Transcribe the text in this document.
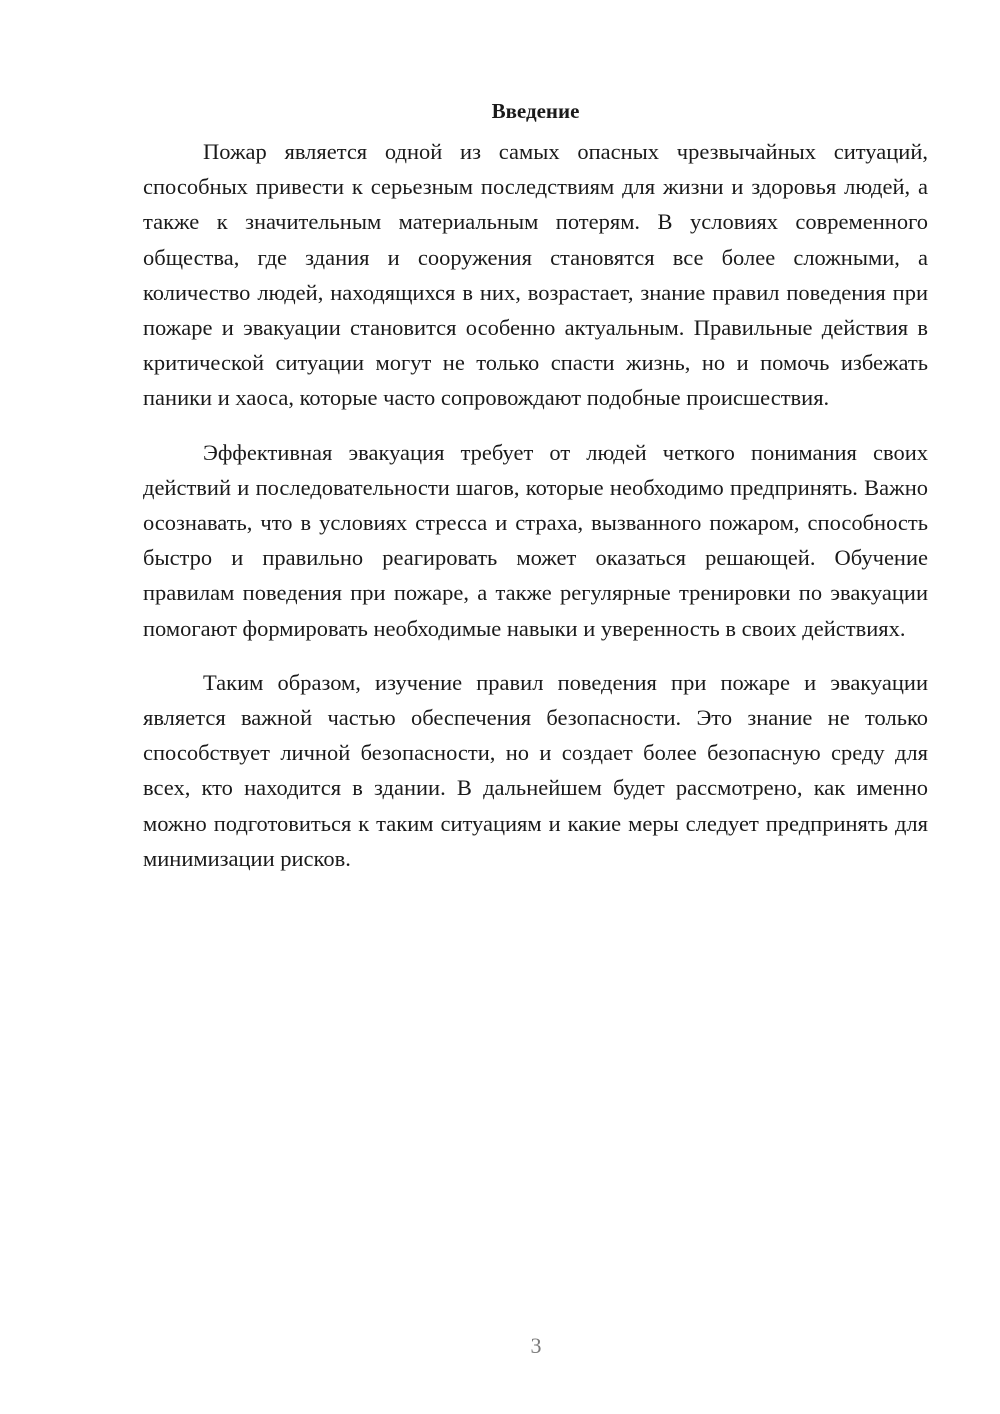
Введение

Пожар является одной из самых опасных чрезвычайных ситуаций, способных привести к серьезным последствиям для жизни и здоровья людей, а также к значительным материальным потерям. В условиях современного общества, где здания и сооружения становятся все более сложными, а количество людей, находящихся в них, возрастает, знание правил поведения при пожаре и эвакуации становится особенно актуальным. Правильные действия в критической ситуации могут не только спасти жизнь, но и помочь избежать паники и хаоса, которые часто сопровождают подобные происшествия.

Эффективная эвакуация требует от людей четкого понимания своих действий и последовательности шагов, которые необходимо предпринять. Важно осознавать, что в условиях стресса и страха, вызванного пожаром, способность быстро и правильно реагировать может оказаться решающей. Обучение правилам поведения при пожаре, а также регулярные тренировки по эвакуации помогают формировать необходимые навыки и уверенность в своих действиях.

Таким образом, изучение правил поведения при пожаре и эвакуации является важной частью обеспечения безопасности. Это знание не только способствует личной безопасности, но и создает более безопасную среду для всех, кто находится в здании. В дальнейшем будет рассмотрено, как именно можно подготовиться к таким ситуациям и какие меры следует предпринять для минимизации рисков.

3
